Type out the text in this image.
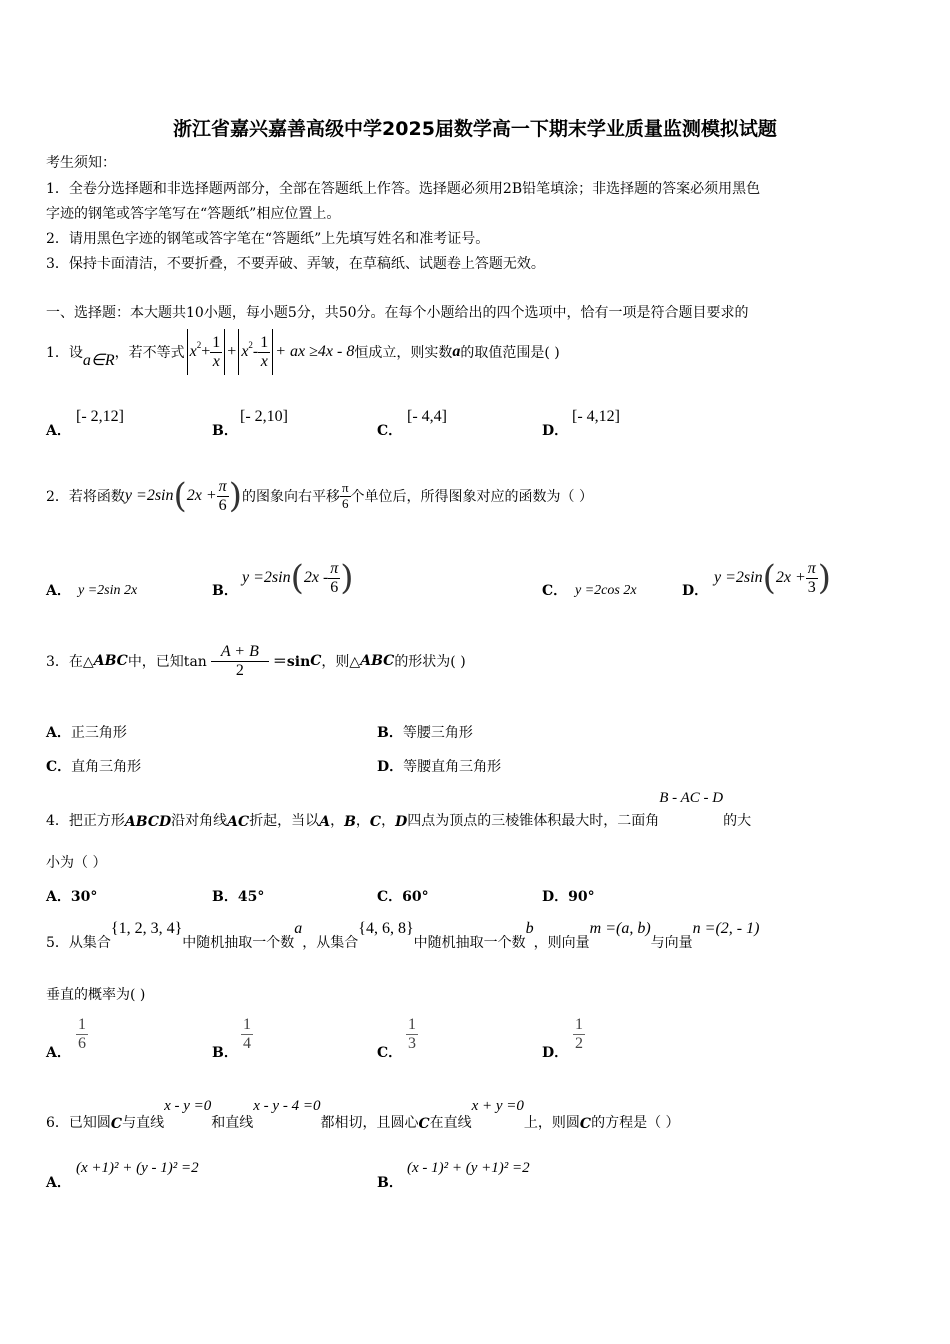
浙江省嘉兴嘉善高级中学2025届数学高一下期末学业质量监测模拟试题
考生须知：
1．全卷分选择题和非选择题两部分，全部在答题纸上作答。选择题必须用2B铅笔填涂；非选择题的答案必须用黑色
字迹的钢笔或答字笔写在“答题纸”相应位置上。
2．请用黑色字迹的钢笔或答字笔在“答题纸”上先填写姓名和准考证号。
3．保持卡面清洁，不要折叠，不要弄破、弄皱，在草稿纸、试题卷上答题无效。
一、选择题：本大题共10小题，每小题5分，共50分。在每个小题给出的四个选项中，恰有一项是符合题目要求的
1． 设 a∈R ，若不等式 $x^2 + \frac{1}{x} + x^2 - \frac{1}{x}$ + ax ≥4x - 8 恒成立，则实数 a 的取值范围是( )
A．
[- 2,12]
B．
[- 2,10]
C．
[- 4,4]
D．
[- 4,12]
2． 若将函数 y =2sin ( $2x + \frac{\pi}{6}$ ) 的图象向右平移 $\frac{\pi}{6}$ 个单位后，所得图象对应的函数为（ ）
A． y =2sin 2x	B．
y =2sin ( $2x - \frac{\pi}{6}$ )	C． y =2cos 2x	D．
y =2sin ( $2x + \frac{\pi}{3}$ )
3． 在△ ABC 中，已知$\tan \frac{A + B}{2} =\sin$ C ，则△ ABC 的形状为( )
A．正三角形	B．等腰三角形
C．直角三角形	D．等腰直角三角形
4． 把正方形 ABCD 沿对角线 AC 折起，当以 A ， B ， C ， D 四点为顶点的三棱锥体积最大时，二面角
B - AC - D
的大
小为（ ）
A．30°	B．45°	C．60°	D．90°
5． 从集合
{1, 2, 3, 4}
中随机抽取一个数
a
，从集合
{4, 6, 8}
中随机抽取一个数
b
，则向量
m =(a, b)
与向量
n =(2, - 1)
垂直的概率为( )
A．
$\frac{1}{6}$
B．
$\frac{1}{4}$
C．
$\frac{1}{3}$
D．
$\frac{1}{2}$
6． 已知圆 C 与直线
x - y =0
和直线
x - y - 4 =0
都相切，且圆心 C 在直线
x + y =0
上，则圆 C 的方程是（ ）
A．
(x +1)² + (y - 1)² =2
B．
(x - 1)² + (y +1)² =2
